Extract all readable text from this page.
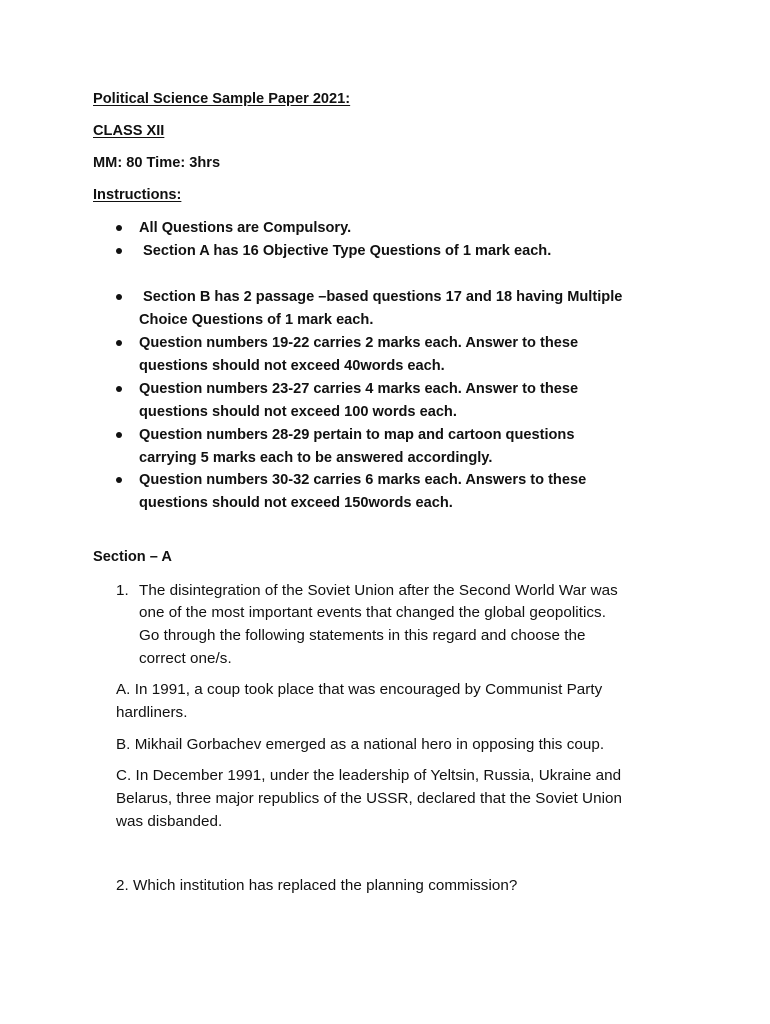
Political Science Sample Paper 2021:

CLASS XII

MM: 80 Time: 3hrs

Instructions:

All Questions are Compulsory.

Section A has 16 Objective Type Questions of 1 mark each.

Section B has 2 passage –based questions 17 and 18 having Multiple

Choice Questions of 1 mark each.

Question numbers 19-22 carries 2 marks each. Answer to these

questions should not exceed 40words each.

Question numbers 23-27 carries 4 marks each. Answer to these

questions should not exceed 100 words each.

Question numbers 28-29 pertain to map and cartoon questions

carrying 5 marks each to be answered accordingly.

Question numbers 30-32 carries 6 marks each. Answers to these

questions should not exceed 150words each.

Section – A

1. The disintegration of the Soviet Union after the Second World War was

one of the most important events that changed the global geopolitics.

Go through the following statements in this regard and choose the

correct one/s.

A. In 1991, a coup took place that was encouraged by Communist Party

hardliners.

B. Mikhail Gorbachev emerged as a national hero in opposing this coup.

C. In December 1991, under the leadership of Yeltsin, Russia, Ukraine and

Belarus, three major republics of the USSR, declared that the Soviet Union

was disbanded.

2. Which institution has replaced the planning commission?
